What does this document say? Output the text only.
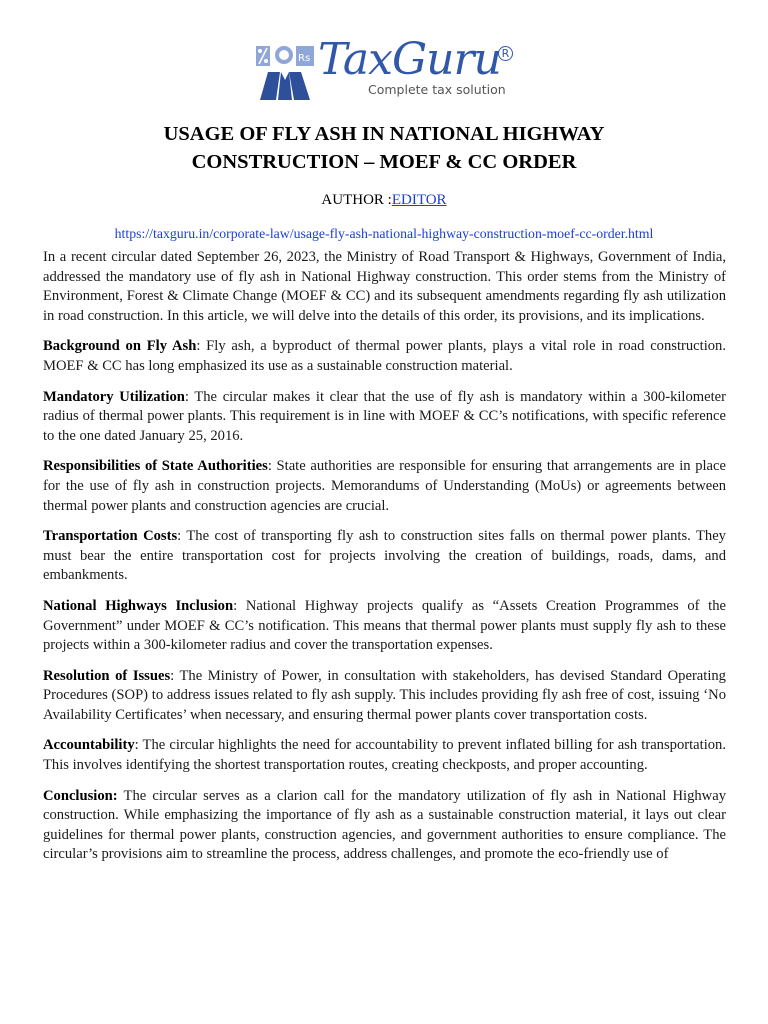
Rs TaxGuru R
Complete tax solution
USAGE OF FLY ASH IN NATIONAL HIGHWAY
CONSTRUCTION – MOEF & CC ORDER
AUTHOR :EDITOR
https://taxguru.in/corporate-law/usage-fly-ash-national-highway-construction-moef-cc-order.html

In a recent circular dated September 26, 2023, the Ministry of Road Transport & Highways, Government of India, addressed the mandatory use of fly ash in National Highway construction. This order stems from the Ministry of Environment, Forest & Climate Change (MOEF & CC) and its subsequent amendments regarding fly ash utilization in road construction. In this article, we will delve into the details of this order, its provisions, and its implications.

Background on Fly Ash: Fly ash, a byproduct of thermal power plants, plays a vital role in road construction. MOEF & CC has long emphasized its use as a sustainable construction material.

Mandatory Utilization: The circular makes it clear that the use of fly ash is mandatory within a 300-kilometer radius of thermal power plants. This requirement is in line with MOEF & CC’s notifications, with specific reference to the one dated January 25, 2016.

Responsibilities of State Authorities: State authorities are responsible for ensuring that arrangements are in place for the use of fly ash in construction projects. Memorandums of Understanding (MoUs) or agreements between thermal power plants and construction agencies are crucial.

Transportation Costs: The cost of transporting fly ash to construction sites falls on thermal power plants. They must bear the entire transportation cost for projects involving the creation of buildings, roads, dams, and embankments.

National Highways Inclusion: National Highway projects qualify as “Assets Creation Programmes of the Government” under MOEF & CC’s notification. This means that thermal power plants must supply fly ash to these projects within a 300-kilometer radius and cover the transportation expenses.

Resolution of Issues: The Ministry of Power, in consultation with stakeholders, has devised Standard Operating Procedures (SOP) to address issues related to fly ash supply. This includes providing fly ash free of cost, issuing ‘No Availability Certificates’ when necessary, and ensuring thermal power plants cover transportation costs.

Accountability: The circular highlights the need for accountability to prevent inflated billing for ash transportation. This involves identifying the shortest transportation routes, creating checkposts, and proper accounting.

Conclusion: The circular serves as a clarion call for the mandatory utilization of fly ash in National Highway construction. While emphasizing the importance of fly ash as a sustainable construction material, it lays out clear guidelines for thermal power plants, construction agencies, and government authorities to ensure compliance. The circular’s provisions aim to streamline the process, address challenges, and promote the eco-friendly use of
